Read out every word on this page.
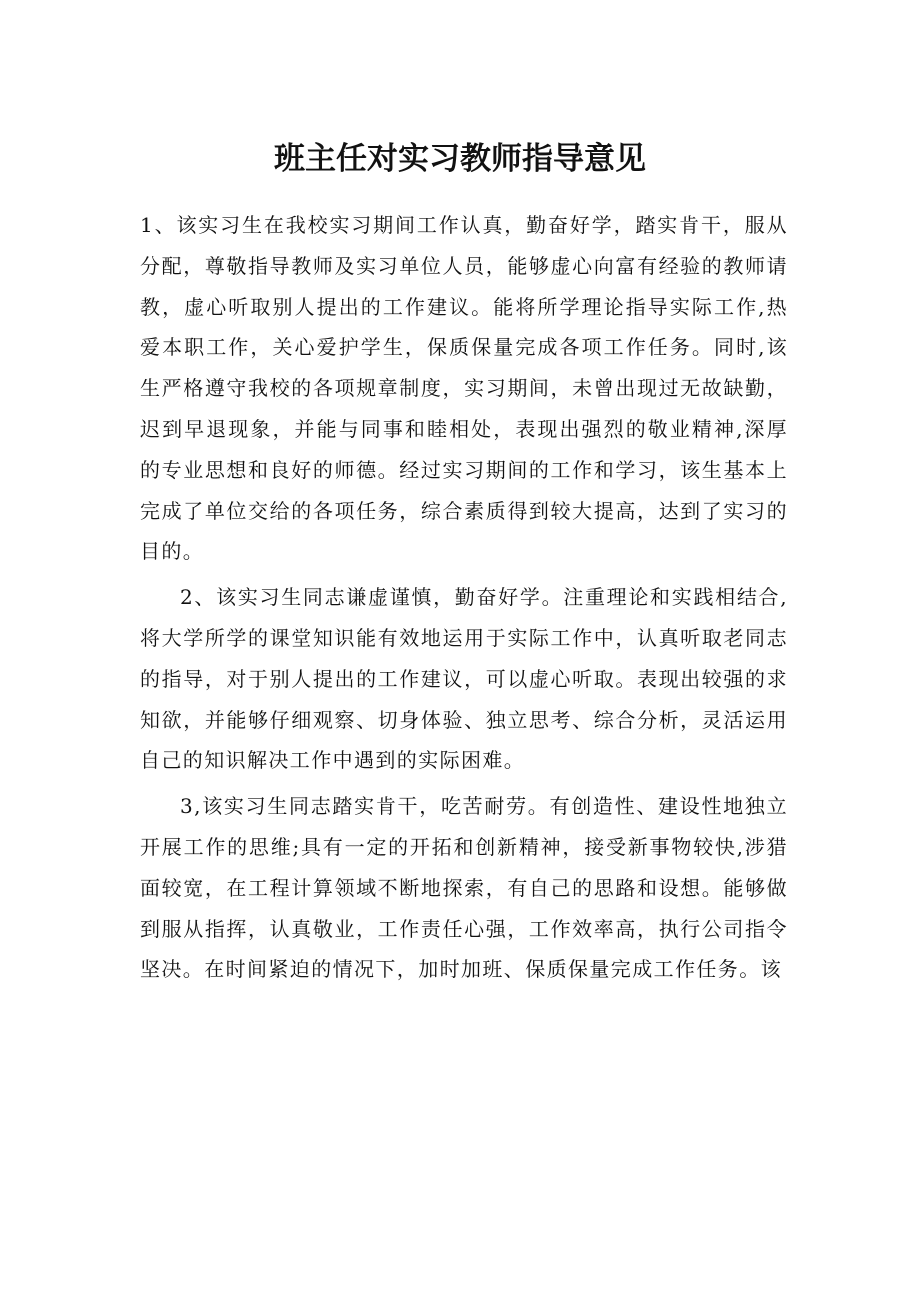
班主任对实习教师指导意见

1、该实习生在我校实习期间工作认真，勤奋好学，踏实肯干，服从分配，尊敬指导教师及实习单位人员，能够虚心向富有经验的教师请教，虚心听取别人提出的工作建议。能将所学理论指导实际工作,热爱本职工作，关心爱护学生，保质保量完成各项工作任务。同时,该生严格遵守我校的各项规章制度，实习期间，未曾出现过无故缺勤，迟到早退现象，并能与同事和睦相处，表现出强烈的敬业精神,深厚的专业思想和良好的师德。经过实习期间的工作和学习，该生基本上完成了单位交给的各项任务，综合素质得到较大提高，达到了实习的目的。

2、该实习生同志谦虚谨慎，勤奋好学。注重理论和实践相结合,将大学所学的课堂知识能有效地运用于实际工作中，认真听取老同志的指导，对于别人提出的工作建议，可以虚心听取。表现出较强的求知欲，并能够仔细观察、切身体验、独立思考、综合分析，灵活运用自己的知识解决工作中遇到的实际困难。

3,该实习生同志踏实肯干，吃苦耐劳。有创造性、建设性地独立开展工作的思维;具有一定的开拓和创新精神，接受新事物较快,涉猎面较宽，在工程计算领域不断地探索，有自己的思路和设想。能够做到服从指挥，认真敬业，工作责任心强，工作效率高，执行公司指令坚决。在时间紧迫的情况下，加时加班、保质保量完成工作任务。该
